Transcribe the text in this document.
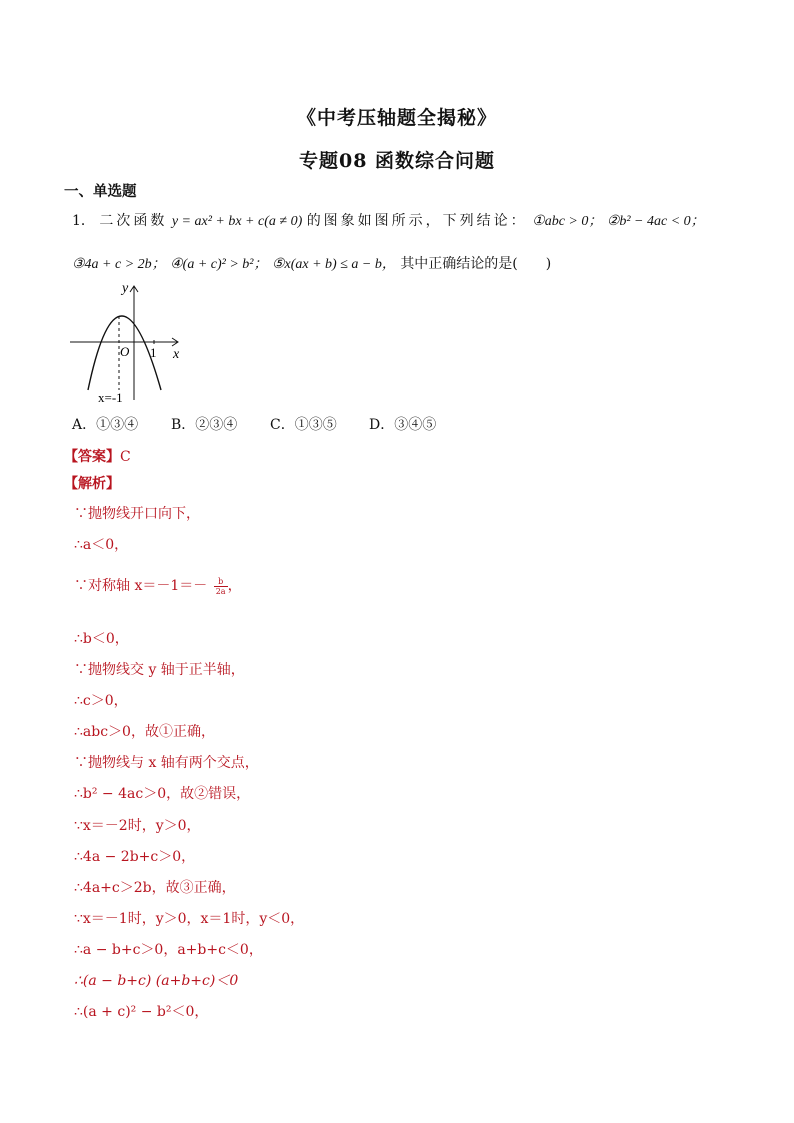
《中考压轴题全揭秘》
专题08 函数综合问题
一、单选题
1． 二次函数 y = ax² + bx + c(a ≠ 0) 的图象如图所示，下列结论： ①abc > 0； ②b² − 4ac < 0；
③4a + c > 2b； ④(a + c)² > b²； ⑤x(ax + b) ≤ a − b， 其中正确结论的是(　　)
y
x
O 1
x=-1
A．①③④ B．②③④ C．①③⑤ D．③④⑤
【答案】C
【解析】
∵抛物线开口向下，
∴a＜0，
∵对称轴 $x=-1=- \frac{b}{2a}$ ，
∴b＜0，
∵抛物线交 y 轴于正半轴，
∴c＞0，
∴abc＞0，故①正确，
∵抛物线与 x 轴有两个交点，
∴b² − 4ac＞0，故②错误，
∵x＝－2时，y＞0，
∴4a − 2b+c＞0，
∴4a+c＞2b，故③正确，
∵x＝－1时，y＞0，x＝1时，y＜0，
∴a − b+c＞0，a+b+c＜0，
∴(a − b+c) (a+b+c)＜0
∴(a + c)² − b²＜0，
